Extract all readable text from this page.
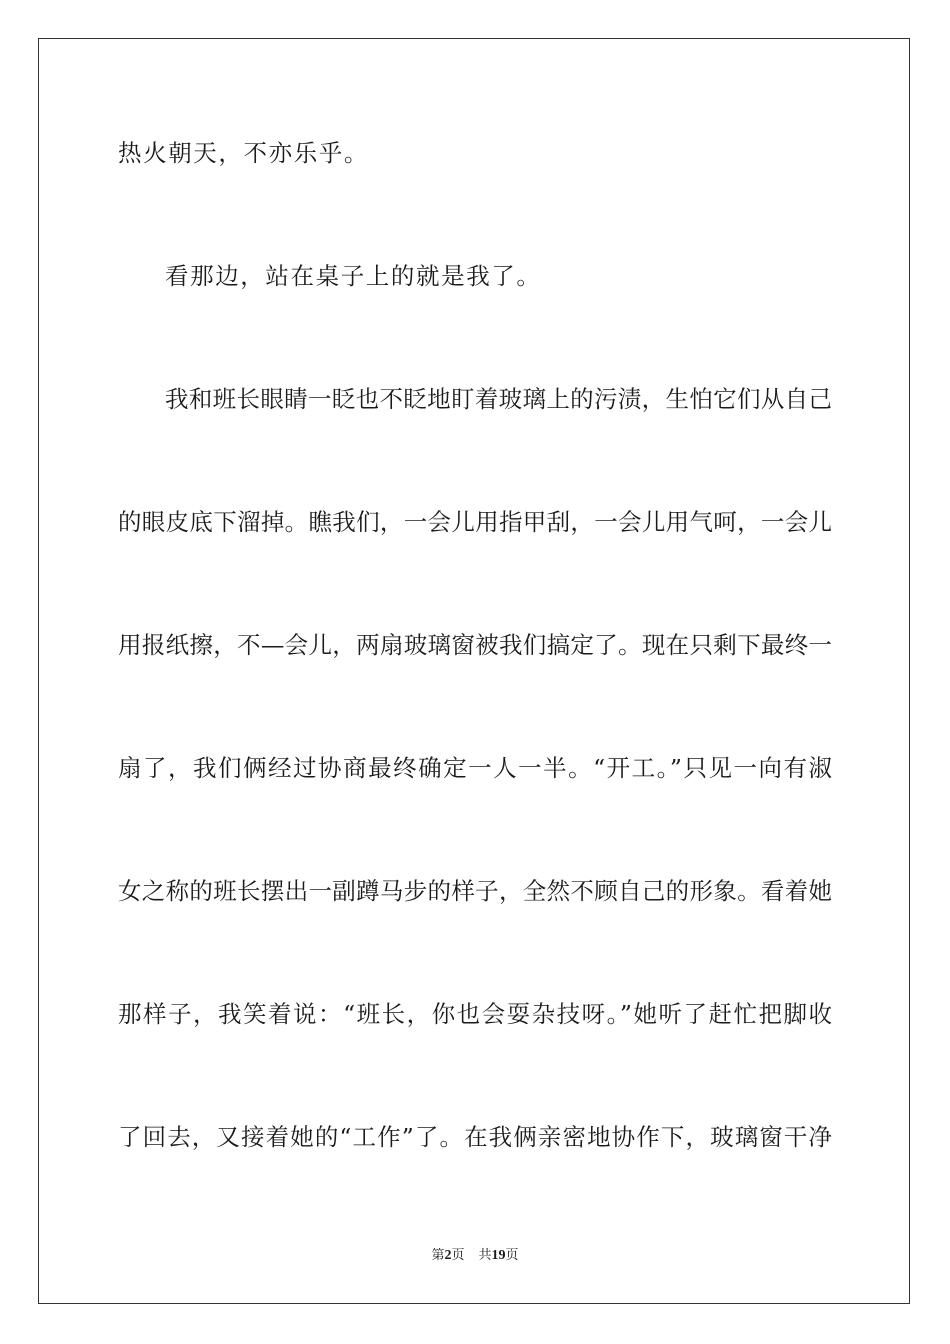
热火朝天，不亦乐乎。
看那边，站在桌子上的就是我了。
我和班长眼睛一眨也不眨地盯着玻璃上的污渍，生怕它们从自己
的眼皮底下溜掉。瞧我们，一会儿用指甲刮，一会儿用气呵，一会儿
用报纸擦，不—会儿，两扇玻璃窗被我们搞定了。现在只剩下最终一
扇了，我们俩经过协商最终确定一人一半。“开工。”只见一向有淑
女之称的班长摆出一副蹲马步的样子，全然不顾自己的形象。看着她
那样子，我笑着说：“班长，你也会耍杂技呀。”她听了赶忙把脚收
了回去，又接着她的“工作”了。在我俩亲密地协作下，玻璃窗干净
第2页 共19页
